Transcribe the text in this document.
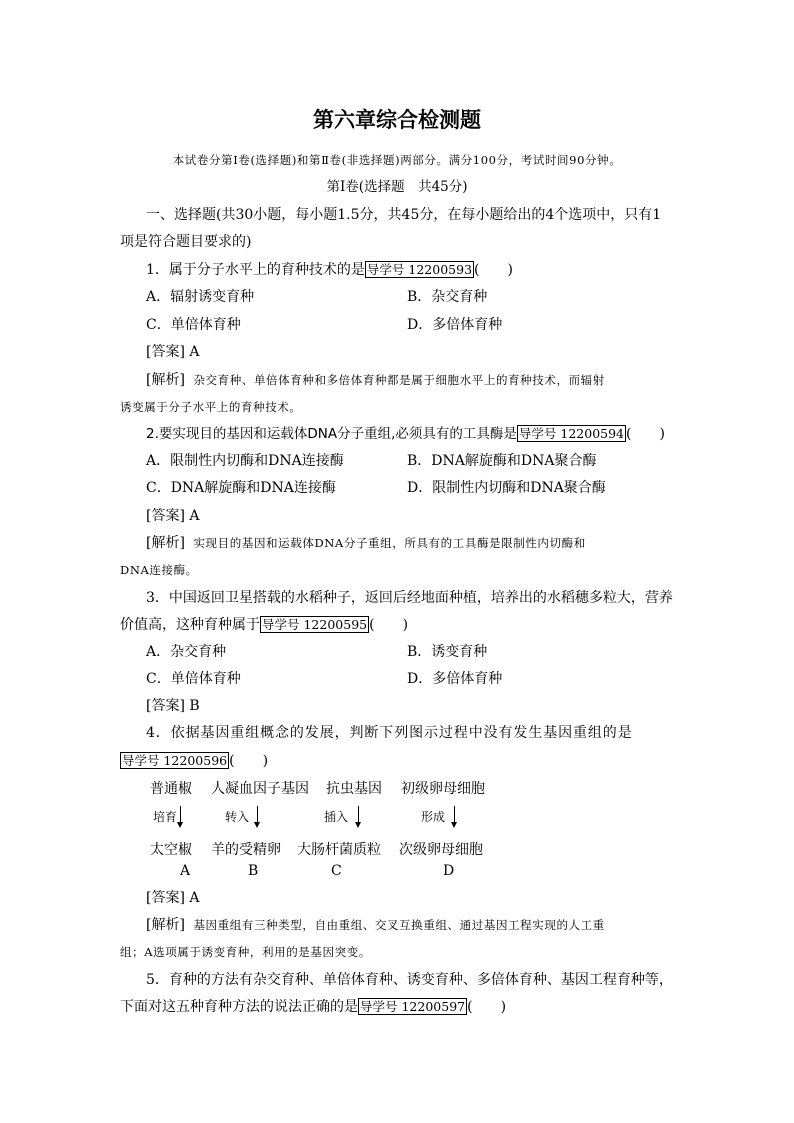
第六章综合检测题
本试卷分第Ⅰ卷(选择题)和第Ⅱ卷(非选择题)两部分。满分100分，考试时间90分钟。
第Ⅰ卷(选择题　共45分)
一、选择题(共30小题，每小题1.5分，共45分，在每小题给出的4个选项中，只有1
项是符合题目要求的)
1．属于分子水平上的育种技术的是 导学号 12200593 (　　)
A．辐射诱变育种	B．杂交育种
C．单倍体育种	D．多倍体育种
[答案] A
[解析] 杂交育种、单倍体育种和多倍体育种都是属于细胞水平上的育种技术，而辐射
诱变属于分子水平上的育种技术。
2.要实现目的基因和运载体DNA分子重组,必须具有的工具酶是 导学号 12200594 (　　)
A．限制性内切酶和DNA连接酶	B．DNA解旋酶和DNA聚合酶
C．DNA解旋酶和DNA连接酶	D．限制性内切酶和DNA聚合酶
[答案] A
[解析] 实现目的基因和运载体DNA分子重组，所具有的工具酶是限制性内切酶和
DNA连接酶。
3．中国返回卫星搭载的水稻种子，返回后经地面种植，培养出的水稻穗多粒大，营养
价值高，这种育种属于 导学号 12200595 (　　)
A．杂交育种	B．诱变育种
C．单倍体育种	D．多倍体育种
[答案] B
4．依据基因重组概念的发展，判断下列图示过程中没有发生基因重组的是
导学号 12200596 (　　)
普通椒 人凝血因子基因 抗虫基因 初级卵母细胞
培育	转入	插入	形成
太空椒 羊的受精卵 大肠杆菌质粒 次级卵母细胞
A	B	C	D
[答案] A
[解析] 基因重组有三种类型，自由重组、交叉互换重组、通过基因工程实现的人工重
组；A选项属于诱变育种，利用的是基因突变。
5．育种的方法有杂交育种、单倍体育种、诱变育种、多倍体育种、基因工程育种等，
下面对这五种育种方法的说法正确的是 导学号 12200597 (　　)
